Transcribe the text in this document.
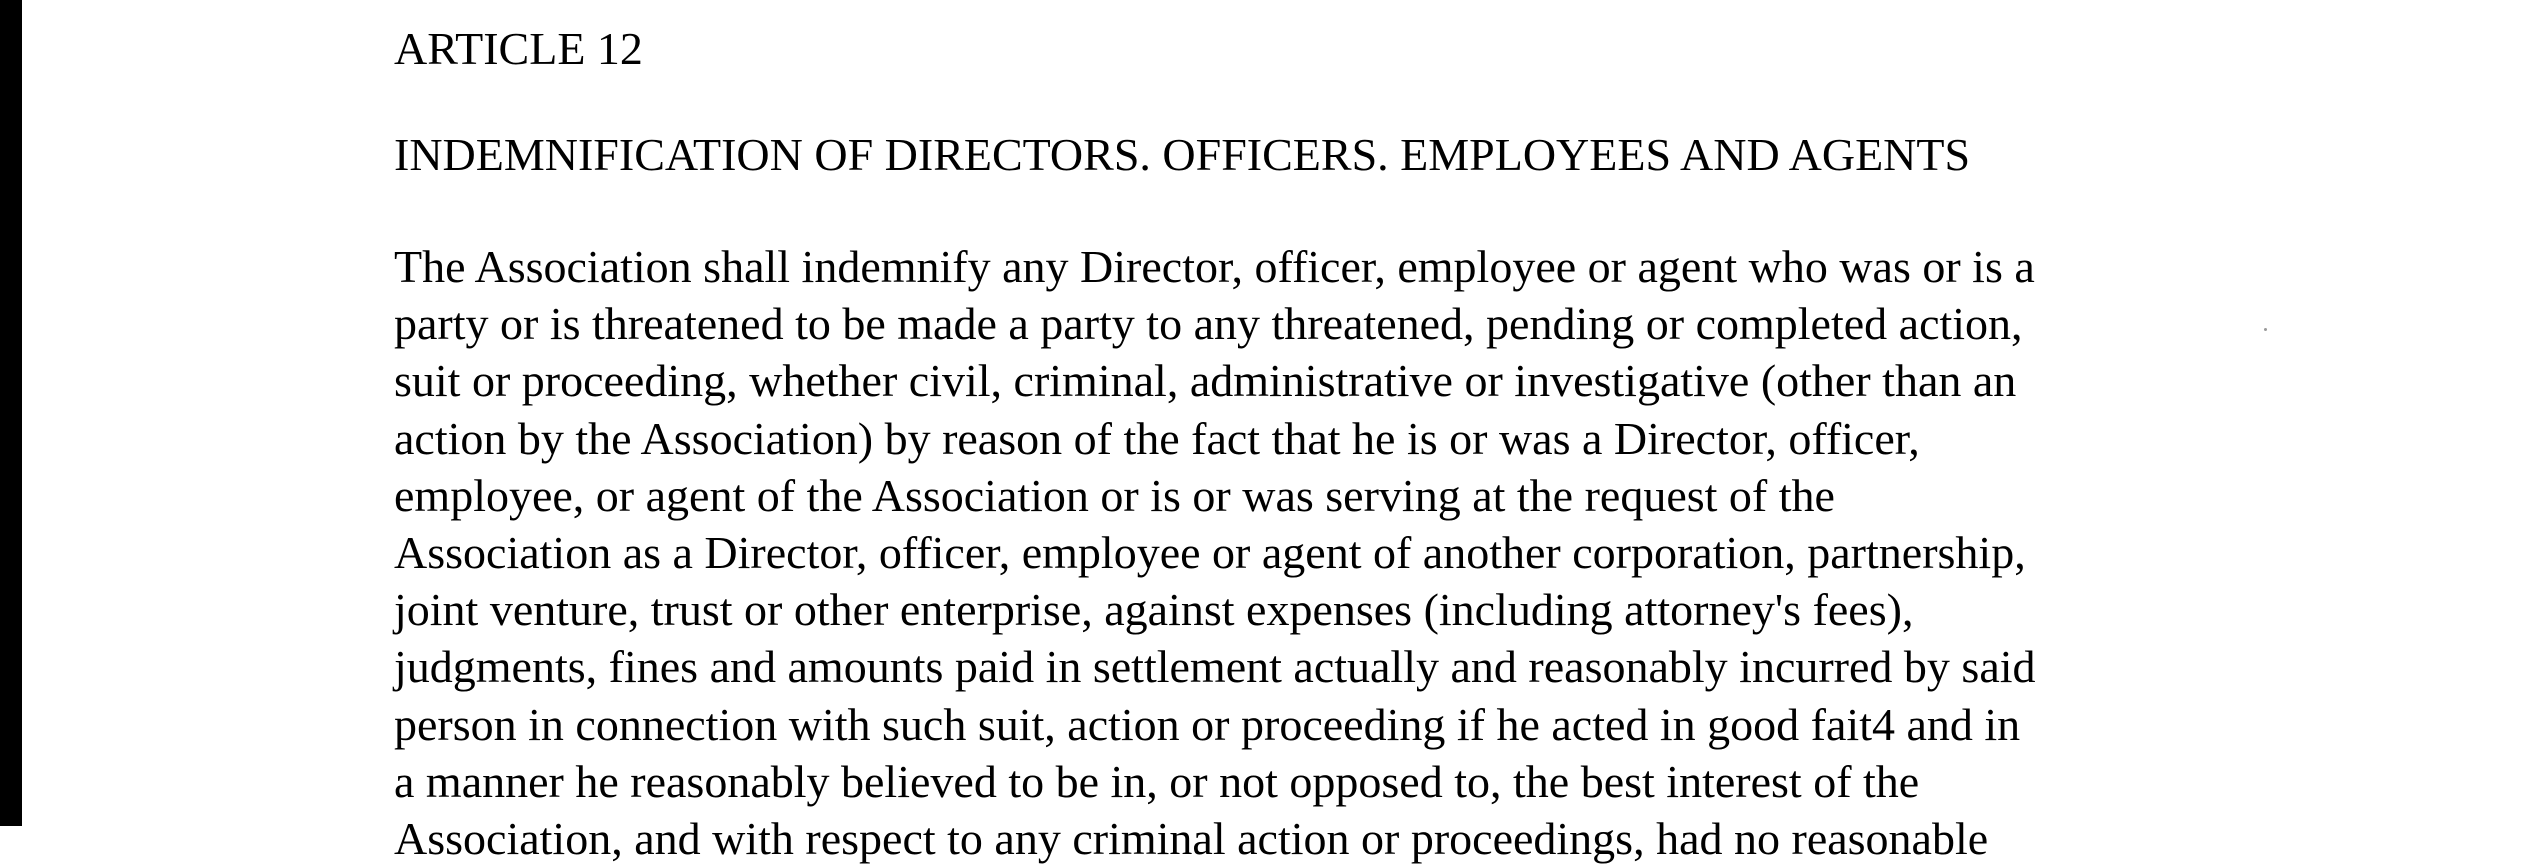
ARTICLE 12

INDEMNIFICATION OF DIRECTORS. OFFICERS. EMPLOYEES AND AGENTS

The Association shall indemnify any Director, officer, employee or agent who was or is a
party or is threatened to be made a party to any threatened, pending or completed action,
suit or proceeding, whether civil, criminal, administrative or investigative (other than an
action by the Association) by reason of the fact that he is or was a Director, officer,
employee, or agent of the Association or is or was serving at the request of the
Association as a Director, officer, employee or agent of another corporation, partnership,
joint venture, trust or other enterprise, against expenses (including attorney's fees),
judgments, fines and amounts paid in settlement actually and reasonably incurred by said
person in connection with such suit, action or proceeding if he acted in good fait4 and in
a manner he reasonably believed to be in, or not opposed to, the best interest of the
Association, and with respect to any criminal action or proceedings, had no reasonable
